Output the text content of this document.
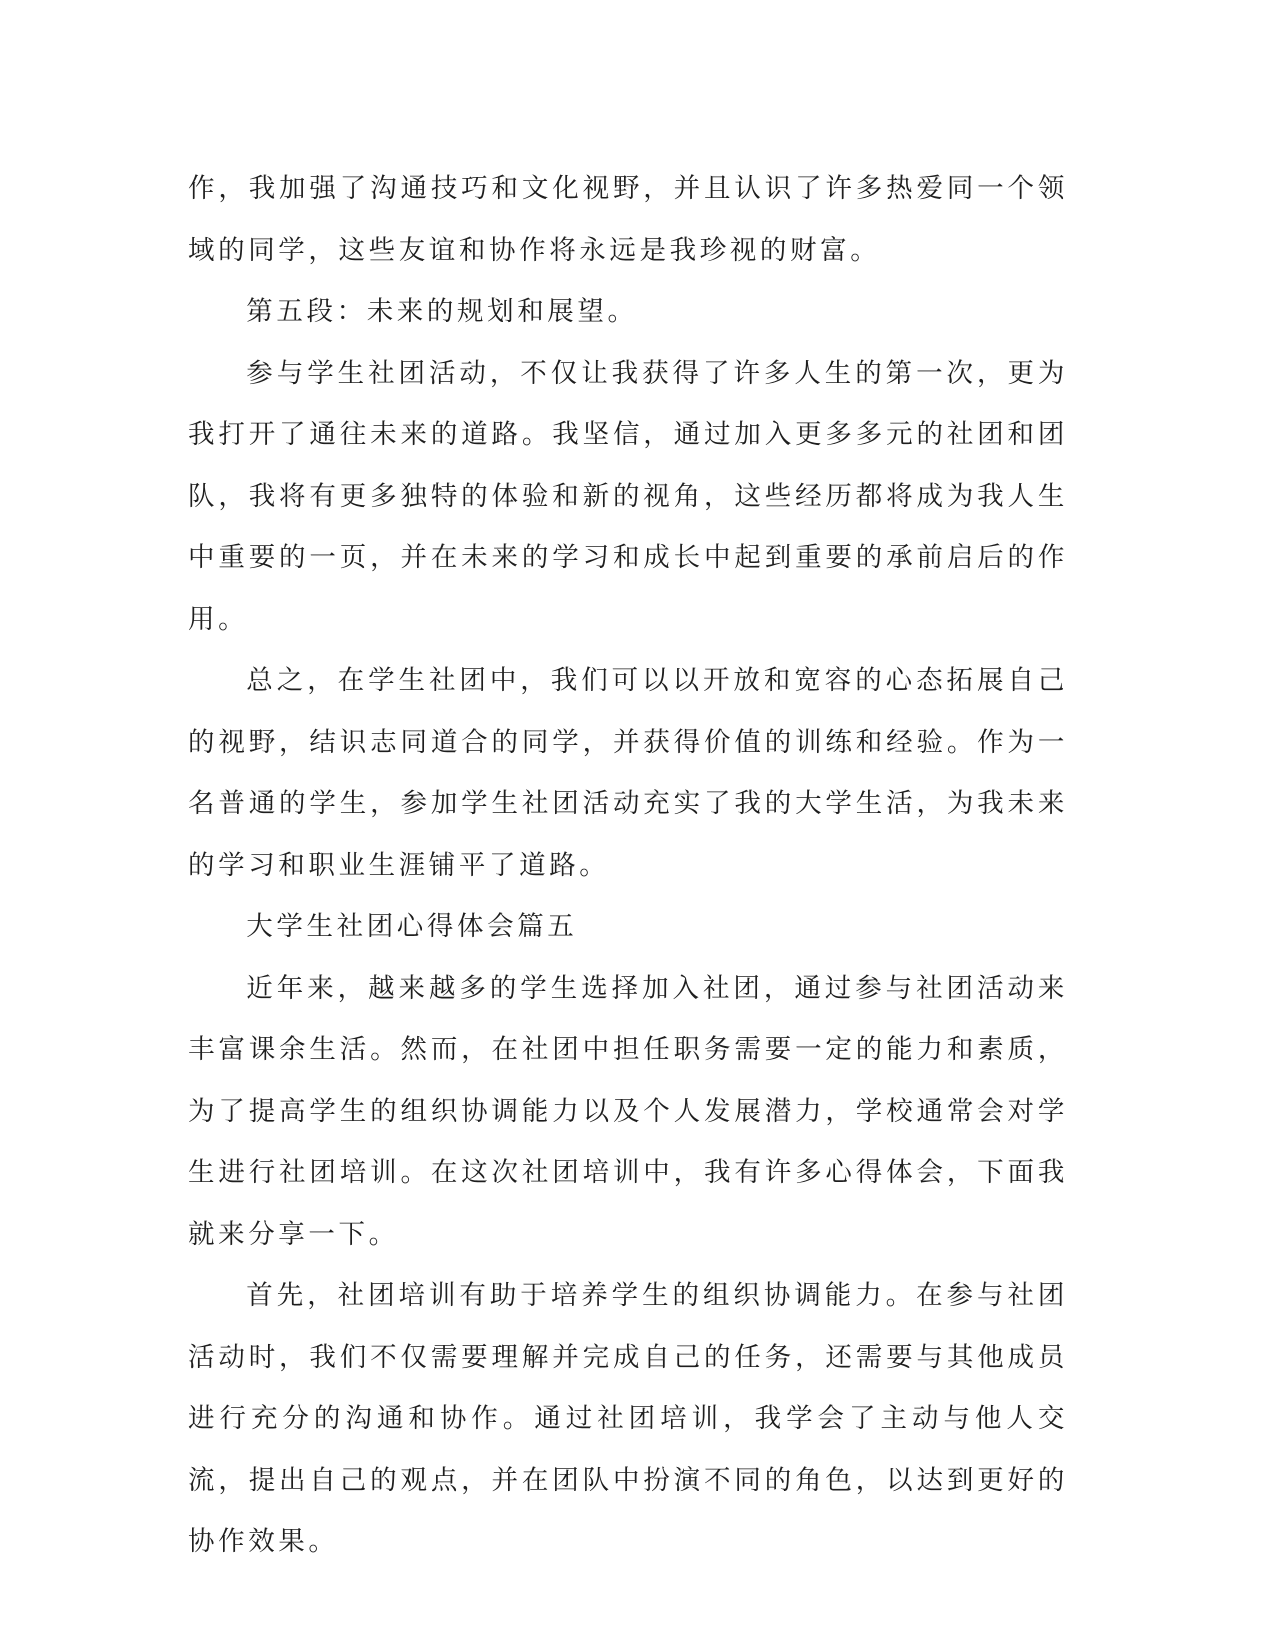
作，我加强了沟通技巧和文化视野，并且认识了许多热爱同一个领域的同学，这些友谊和协作将永远是我珍视的财富。

第五段：未来的规划和展望。

参与学生社团活动，不仅让我获得了许多人生的第一次，更为我打开了通往未来的道路。我坚信，通过加入更多多元的社团和团队，我将有更多独特的体验和新的视角，这些经历都将成为我人生中重要的一页，并在未来的学习和成长中起到重要的承前启后的作用。

总之，在学生社团中，我们可以以开放和宽容的心态拓展自己的视野，结识志同道合的同学，并获得价值的训练和经验。作为一名普通的学生，参加学生社团活动充实了我的大学生活，为我未来的学习和职业生涯铺平了道路。

大学生社团心得体会篇五

近年来，越来越多的学生选择加入社团，通过参与社团活动来丰富课余生活。然而，在社团中担任职务需要一定的能力和素质，为了提高学生的组织协调能力以及个人发展潜力，学校通常会对学生进行社团培训。在这次社团培训中，我有许多心得体会，下面我就来分享一下。

首先，社团培训有助于培养学生的组织协调能力。在参与社团活动时，我们不仅需要理解并完成自己的任务，还需要与其他成员进行充分的沟通和协作。通过社团培训，我学会了主动与他人交流，提出自己的观点，并在团队中扮演不同的角色，以达到更好的协作效果。
